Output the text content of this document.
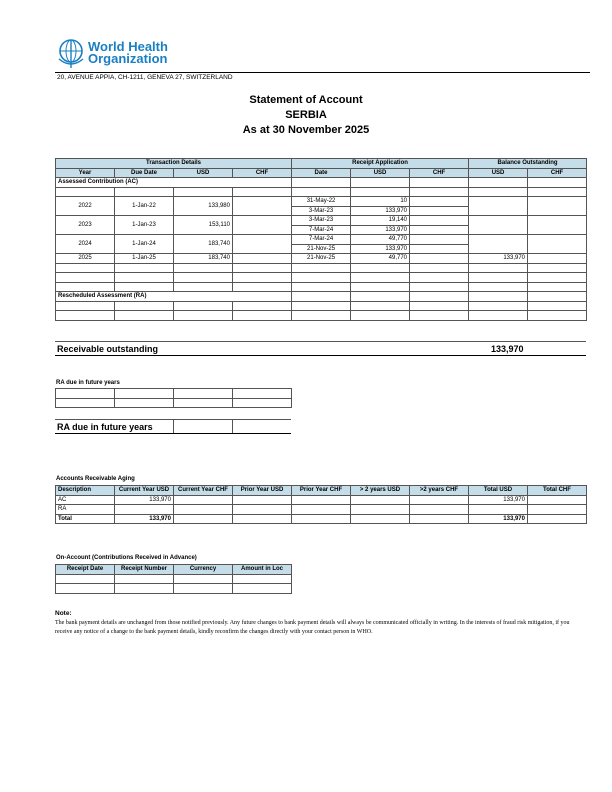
World Health
Organization
20, AVENUE APPIA, CH-1211, GENEVA 27, SWITZERLAND
Statement of Account
SERBIA
As at 30 November 2025
Transaction Details				Receipt Application			Balance Outstanding	
Year	Due Date	USD	CHF	Date	USD	CHF	USD	CHF
Assessed Contribution (AC)								

2022	1-Jan-22	133,980		31-May-22	10			
				3-Mar-23	133,970			
2023	1-Jan-23	153,110		3-Mar-23	19,140			
				7-Mar-24	133,970			
2024	1-Jan-24	183,740		7-Mar-24	49,770			
				21-Nov-25	133,970			
2025	1-Jan-25	183,740		21-Nov-25	49,770		133,970	

Rescheduled Assessment (RA)								

Receivable outstanding	133,970
RA due in future years

RA due in future years
Accounts Receivable Aging
Description	Current Year USD	Current Year CHF	Prior Year USD	Prior Year CHF	> 2 years USD	>2 years CHF	Total USD	Total CHF
AC	133,970						133,970	
RA								
Total	133,970						133,970	
On-Account (Contributions Received in Advance)
Receipt Date	Receipt Number	Currency	Amount in Loc

Note:
The bank payment details are unchanged from those notified previously. Any future changes to bank payment details will always be communicated officially in writing. In the interests of fraud risk mitigation, if you receive any notice of a change to the bank payment details, kindly reconfirm the changes directly with your contact person in WHO.
